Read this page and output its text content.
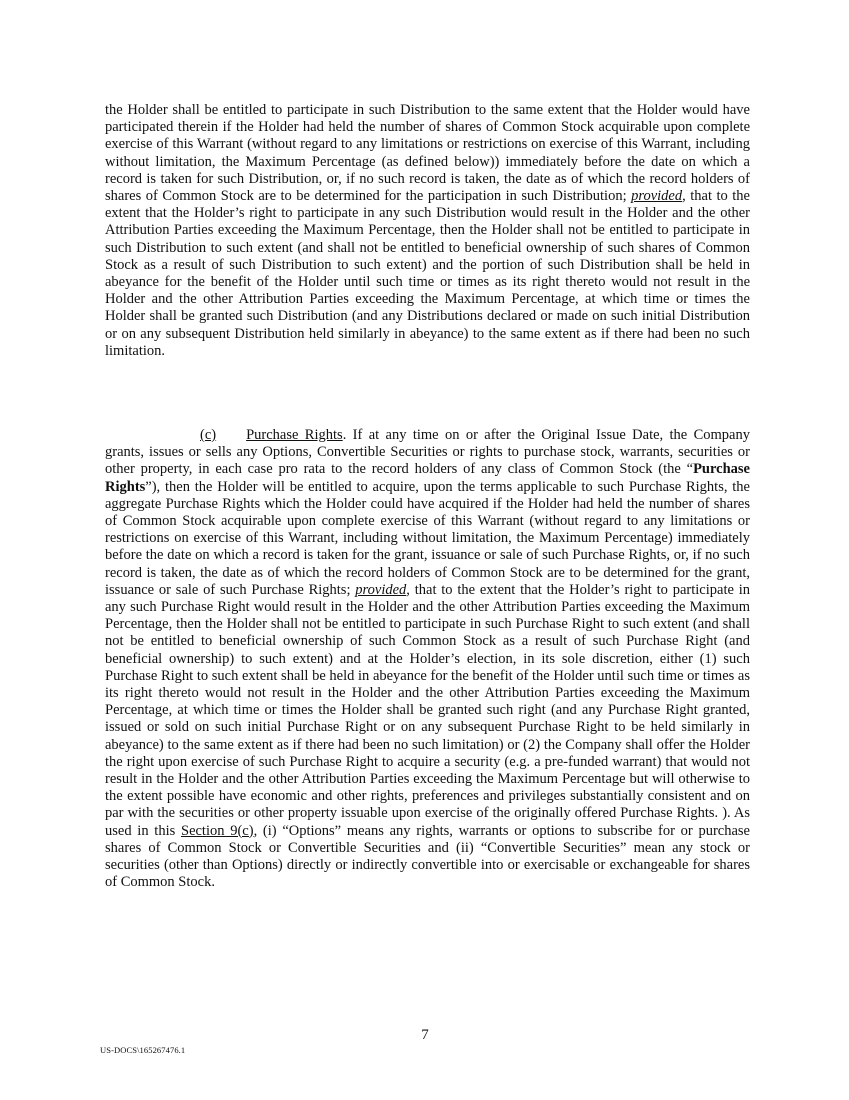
the Holder shall be entitled to participate in such Distribution to the same extent that the Holder would have participated therein if the Holder had held the number of shares of Common Stock acquirable upon complete exercise of this Warrant (without regard to any limitations or restrictions on exercise of this Warrant, including without limitation, the Maximum Percentage (as defined below)) immediately before the date on which a record is taken for such Distribution, or, if no such record is taken, the date as of which the record holders of shares of Common Stock are to be determined for the participation in such Distribution; provided, that to the extent that the Holder’s right to participate in any such Distribution would result in the Holder and the other Attribution Parties exceeding the Maximum Percentage, then the Holder shall not be entitled to participate in such Distribution to such extent (and shall not be entitled to beneficial ownership of such shares of Common Stock as a result of such Distribution to such extent) and the portion of such Distribution shall be held in abeyance for the benefit of the Holder until such time or times as its right thereto would not result in the Holder and the other Attribution Parties exceeding the Maximum Percentage, at which time or times the Holder shall be granted such Distribution (and any Distributions declared or made on such initial Distribution or on any subsequent Distribution held similarly in abeyance) to the same extent as if there had been no such limitation.

(c) Purchase Rights. If at any time on or after the Original Issue Date, the Company grants, issues or sells any Options, Convertible Securities or rights to purchase stock, warrants, securities or other property, in each case pro rata to the record holders of any class of Common Stock (the “Purchase Rights”), then the Holder will be entitled to acquire, upon the terms applicable to such Purchase Rights, the aggregate Purchase Rights which the Holder could have acquired if the Holder had held the number of shares of Common Stock acquirable upon complete exercise of this Warrant (without regard to any limitations or restrictions on exercise of this Warrant, including without limitation, the Maximum Percentage) immediately before the date on which a record is taken for the grant, issuance or sale of such Purchase Rights, or, if no such record is taken, the date as of which the record holders of Common Stock are to be determined for the grant, issuance or sale of such Purchase Rights; provided, that to the extent that the Holder’s right to participate in any such Purchase Right would result in the Holder and the other Attribution Parties exceeding the Maximum Percentage, then the Holder shall not be entitled to participate in such Purchase Right to such extent (and shall not be entitled to beneficial ownership of such Common Stock as a result of such Purchase Right (and beneficial ownership) to such extent) and at the Holder’s election, in its sole discretion, either (1) such Purchase Right to such extent shall be held in abeyance for the benefit of the Holder until such time or times as its right thereto would not result in the Holder and the other Attribution Parties exceeding the Maximum Percentage, at which time or times the Holder shall be granted such right (and any Purchase Right granted, issued or sold on such initial Purchase Right or on any subsequent Purchase Right to be held similarly in abeyance) to the same extent as if there had been no such limitation) or (2) the Company shall offer the Holder the right upon exercise of such Purchase Right to acquire a security (e.g. a pre-funded warrant) that would not result in the Holder and the other Attribution Parties exceeding the Maximum Percentage but will otherwise to the extent possible have economic and other rights, preferences and privileges substantially consistent and on par with the securities or other property issuable upon exercise of the originally offered Purchase Rights. ). As used in this Section 9(c), (i) “Options” means any rights, warrants or options to subscribe for or purchase shares of Common Stock or Convertible Securities and (ii) “Convertible Securities” mean any stock or securities (other than Options) directly or indirectly convertible into or exercisable or exchangeable for shares of Common Stock.

7
US-DOCS\165267476.1
